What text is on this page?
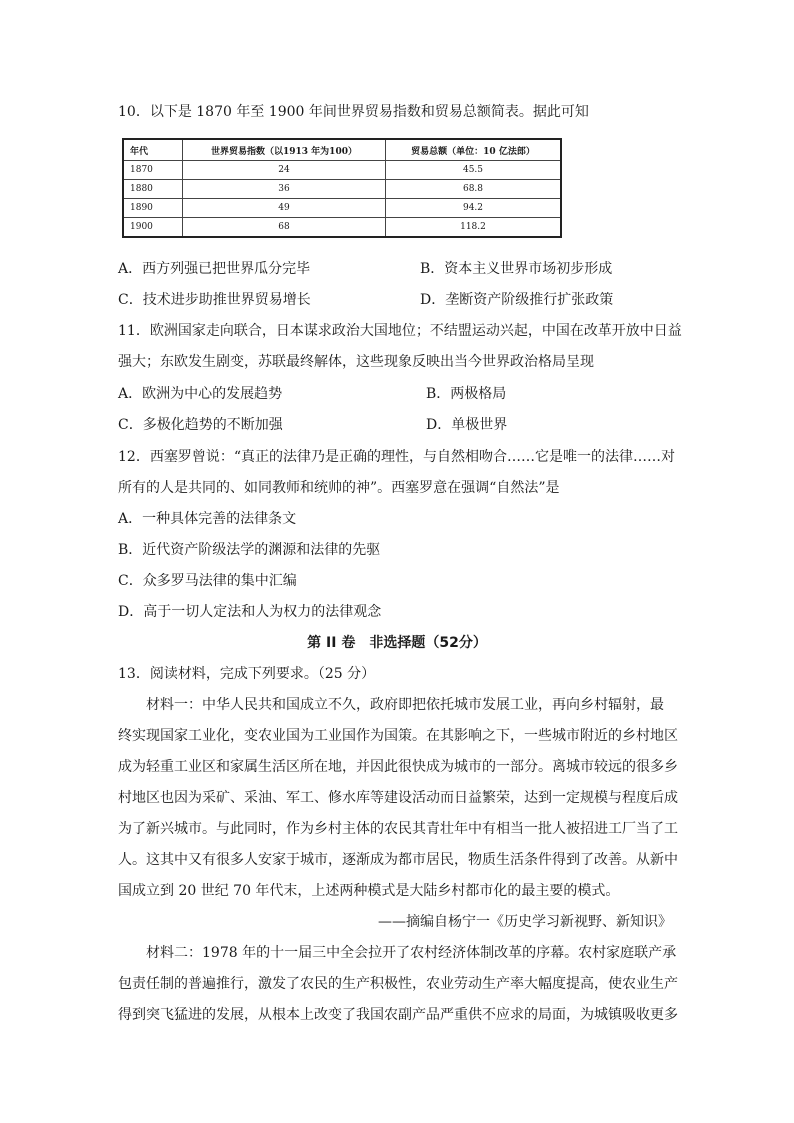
10．以下是 1870 年至 1900 年间世界贸易指数和贸易总额简表。据此可知
年代	世界贸易指数（以1913 年为100）	贸易总额（单位：10 亿法郎）
1870	24	45.5
1880	36	68.8
1890	49	94.2
1900	68	118.2
A．西方列强已把世界瓜分完毕	B．资本主义世界市场初步形成
C．技术进步助推世界贸易增长	D．垄断资产阶级推行扩张政策
11．欧洲国家走向联合，日本谋求政治大国地位；不结盟运动兴起，中国在改革开放中日益
强大；东欧发生剧变，苏联最终解体，这些现象反映出当今世界政治格局呈现
A．欧洲为中心的发展趋势	B．两极格局
C．多极化趋势的不断加强	D．单极世界
12．西塞罗曾说：“真正的法律乃是正确的理性，与自然相吻合……它是唯一的法律……对
所有的人是共同的、如同教师和统帅的神”。西塞罗意在强调“自然法”是
A．一种具体完善的法律条文
B．近代资产阶级法学的渊源和法律的先驱
C．众多罗马法律的集中汇编
D．高于一切人定法和人为权力的法律观念
第 II 卷　非选择题（52分）
13．阅读材料，完成下列要求。（25 分）
材料一：中华人民共和国成立不久，政府即把依托城市发展工业，再向乡村辐射，最
终实现国家工业化，变农业国为工业国作为国策。在其影响之下，一些城市附近的乡村地区
成为轻重工业区和家属生活区所在地，并因此很快成为城市的一部分。离城市较远的很多乡
村地区也因为采矿、采油、军工、修水库等建设活动而日益繁荣，达到一定规模与程度后成
为了新兴城市。与此同时，作为乡村主体的农民其青壮年中有相当一批人被招进工厂当了工
人。这其中又有很多人安家于城市，逐渐成为都市居民，物质生活条件得到了改善。从新中
国成立到 20 世纪 70 年代末，上述两种模式是大陆乡村都市化的最主要的模式。
——摘编自杨宁一《历史学习新视野、新知识》
材料二：1978 年的十一届三中全会拉开了农村经济体制改革的序幕。农村家庭联产承
包责任制的普遍推行，激发了农民的生产积极性，农业劳动生产率大幅度提高，使农业生产
得到突飞猛进的发展，从根本上改变了我国农副产品严重供不应求的局面，为城镇吸收更多
